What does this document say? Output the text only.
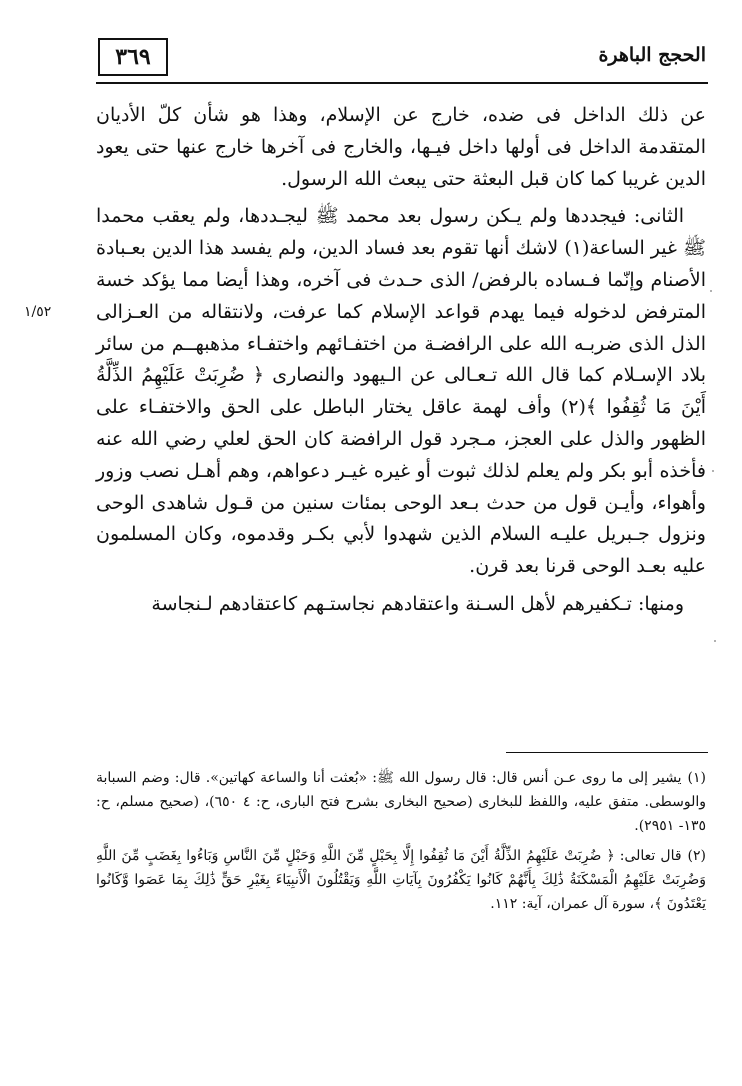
٣٦٩	الحجج الباهرة
١/٥٢

عن ذلك الداخل فى ضده، خارج عن الإسلام، وهذا هو شأن كلّ الأديان المتقدمة الداخل فى أولها داخل فيـها، والخارج فى آخرها خارج عنها حتى يعود الدين غريبا كما كان قبل البعثة حتى يبعث الله الرسول.

الثانى: فيجددها ولم يـكن رسول بعد محمد ﷺ ليجـددها، ولم يعقب محمدا ﷺ غير الساعة(١) لاشك أنها تقوم بعد فساد الدين، ولم يفسد هذا الدين بعـبادة الأصنام وإنّما فـساده بالرفض/ الذى حـدث فى آخره، وهذا أيضا مما يؤكد خسة المترفض لدخوله فيما يهدم قواعد الإسلام كما عرفت، ولانتقاله من العـزالى الذل الذى ضربـه الله على الرافضـة من اختفـائهم واختفـاء مذهبهــم من سائر بلاد الإسـلام كما قال الله تـعـالى عن الـيهود والنصارى ﴿ ضُرِبَتْ عَلَيْهِمُ الذِّلَّةُ أَيْنَ مَا ثُقِفُوا ﴾(٢) وأف لهمة عاقل يختار الباطل على الحق والاختفـاء على الظهور والذل على العجز، مـجرد قول الرافضة كان الحق لعلي رضي الله عنه فأخذه أبو بكر ولم يعلم لذلك ثبوت أو غيره غيـر دعواهم، وهم أهـل نصب وزور وأهواء، وأيـن قول من حدث بـعد الوحى بمئات سنين من قـول شاهدى الوحى ونزول جـبريل عليـه السلام الذين شهدوا لأبي بكـر وقدموه، وكان المسلمون عليه بعـد الوحى قرنا بعد قرن.

ومنها: تـكفيرهم لأهل السـنة واعتقادهم نجاستـهم كاعتقادهم لـنجاسة

(١)يشير إلى ما روى عـن أنس قال: قال رسول الله ﷺ: «بُعثت أنا والساعة كهاتين». قال: وضم السبابة والوسطى. متفق عليه، واللفظ للبخارى (صحيح البخارى بشرح فتح البارى، ح: ٤ ٦٥٠)، (صحيح مسلم، ح: ١٣٥- ٢٩٥١).

(٢)قال تعالى: ﴿ ضُرِبَتْ عَلَيْهِمُ الذِّلَّةُ أَيْنَ مَا ثُقِفُوا إِلَّا بِحَبْلٍ مِّنَ اللَّهِ وَحَبْلٍ مِّنَ النَّاسِ وَبَاءُوا بِغَضَبٍ مِّنَ اللَّهِ وَضُرِبَتْ عَلَيْهِمُ الْمَسْكَنَةُ ذَٰلِكَ بِأَنَّهُمْ كَانُوا يَكْفُرُونَ بِآيَاتِ اللَّهِ وَيَقْتُلُونَ الْأَنبِيَاءَ بِغَيْرِ حَقٍّ ذَٰلِكَ بِمَا عَصَوا وَّكَانُوا يَعْتَدُونَ ﴾، سورة آل عمران، آية: ١١٢.
